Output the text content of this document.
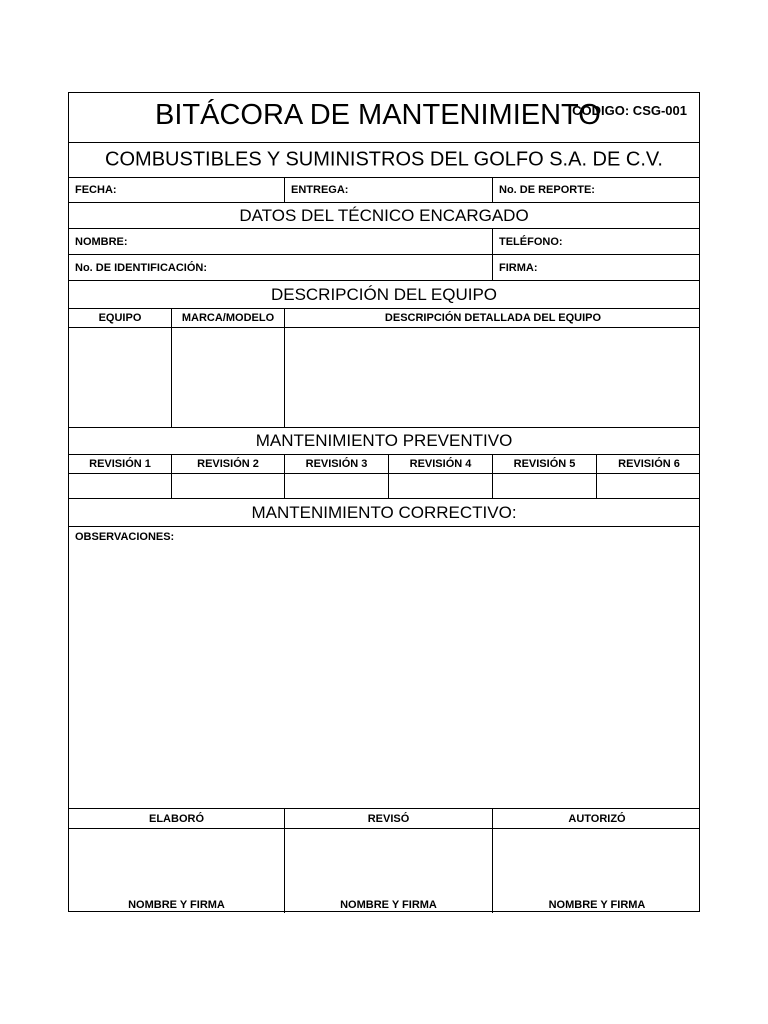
BITÁCORA DE MANTENIMIENTO
CODIGO: CSG-001
COMBUSTIBLES Y SUMINISTROS DEL GOLFO S.A. DE C.V.
FECHA:	ENTREGA:	No. DE REPORTE:
DATOS DEL TÉCNICO ENCARGADO
NOMBRE:	TELÉFONO:
No. DE IDENTIFICACIÓN:	FIRMA:
DESCRIPCIÓN DEL EQUIPO
EQUIPO	MARCA/MODELO	DESCRIPCIÓN DETALLADA DEL EQUIPO
MANTENIMIENTO PREVENTIVO
REVISIÓN 1	REVISIÓN 2	REVISIÓN 3	REVISIÓN 4	REVISIÓN 5	REVISIÓN 6
MANTENIMIENTO CORRECTIVO:
OBSERVACIONES:
ELABORÓ	REVISÓ	AUTORIZÓ
NOMBRE Y FIRMA	NOMBRE Y FIRMA	NOMBRE Y FIRMA
